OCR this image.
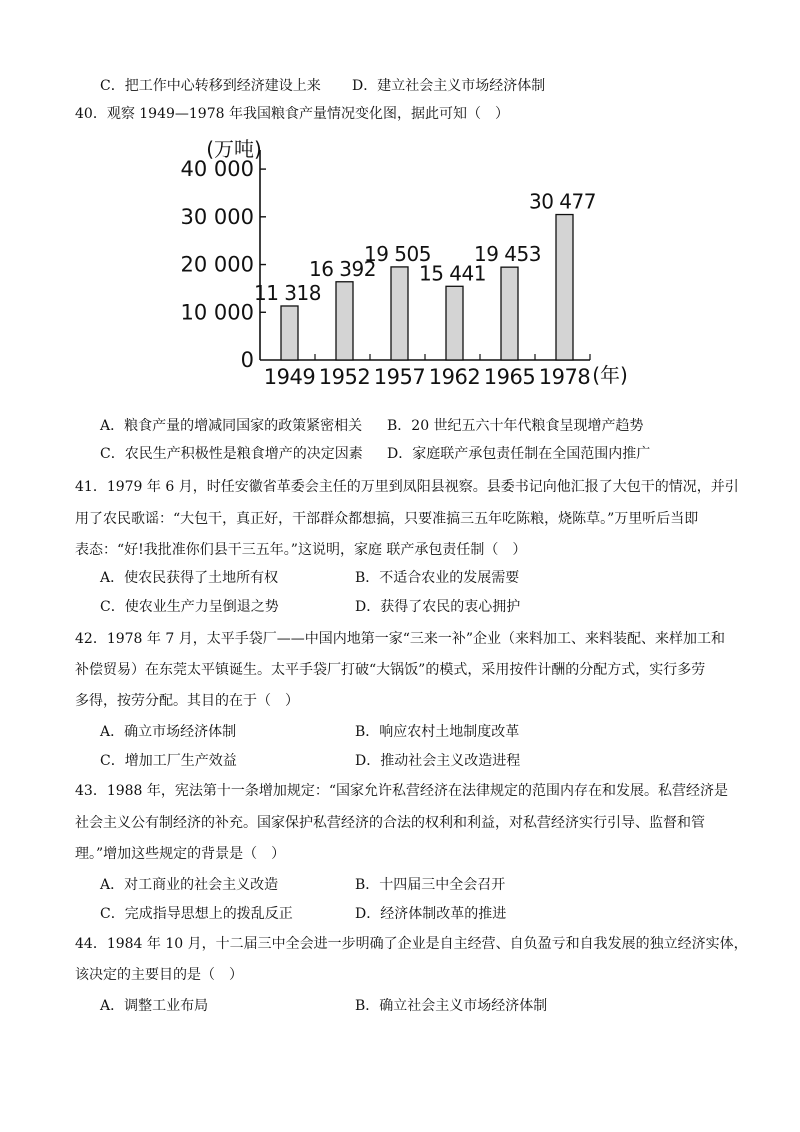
C．把工作中心转移到经济建设上来 D．建立社会主义市场经济体制
40．观察 1949—1978 年我国粮食产量情况变化图，据此可知（　）
(万吨)
0
10 000
20 000
30 000
40 000
11 318
16 392
19 505
15 441
19 453
30 477
1949 1952 1957 1962 1965 1978 (年)
A．粮食产量的增减同国家的政策紧密相关 B．20 世纪五六十年代粮食呈现增产趋势
C．农民生产积极性是粮食增产的决定因素 D．家庭联产承包责任制在全国范围内推广
41．1979 年 6 月，时任安徽省革委会主任的万里到凤阳县视察。县委书记向他汇报了大包干的情况，并引
用了农民歌谣：“大包干，真正好，干部群众都想搞，只要准搞三五年吃陈粮，烧陈草。”万里听后当即
表态：“好!我批准你们县干三五年。”这说明，家庭 联产承包责任制（　）
A．使农民获得了土地所有权	B．不适合农业的发展需要
C．使农业生产力呈倒退之势	D．获得了农民的衷心拥护
42．1978 年 7 月，太平手袋厂——中国内地第一家“三来一补”企业（来料加工、来料装配、来样加工和
补偿贸易）在东莞太平镇诞生。太平手袋厂打破“大锅饭”的模式，采用按件计酬的分配方式，实行多劳
多得，按劳分配。其目的在于（　）
A．确立市场经济体制	B．响应农村土地制度改革
C．增加工厂生产效益	D．推动社会主义改造进程
43．1988 年，宪法第十一条增加规定：“国家允许私营经济在法律规定的范围内存在和发展。私营经济是
社会主义公有制经济的补充。国家保护私营经济的合法的权利和利益，对私营经济实行引导、监督和管
理。”增加这些规定的背景是（　）
A．对工商业的社会主义改造	B．十四届三中全会召开
C．完成指导思想上的拨乱反正	D．经济体制改革的推进
44．1984 年 10 月，十二届三中全会进一步明确了企业是自主经营、自负盈亏和自我发展的独立经济实体，
该决定的主要目的是（　）
A．调整工业布局	B．确立社会主义市场经济体制
